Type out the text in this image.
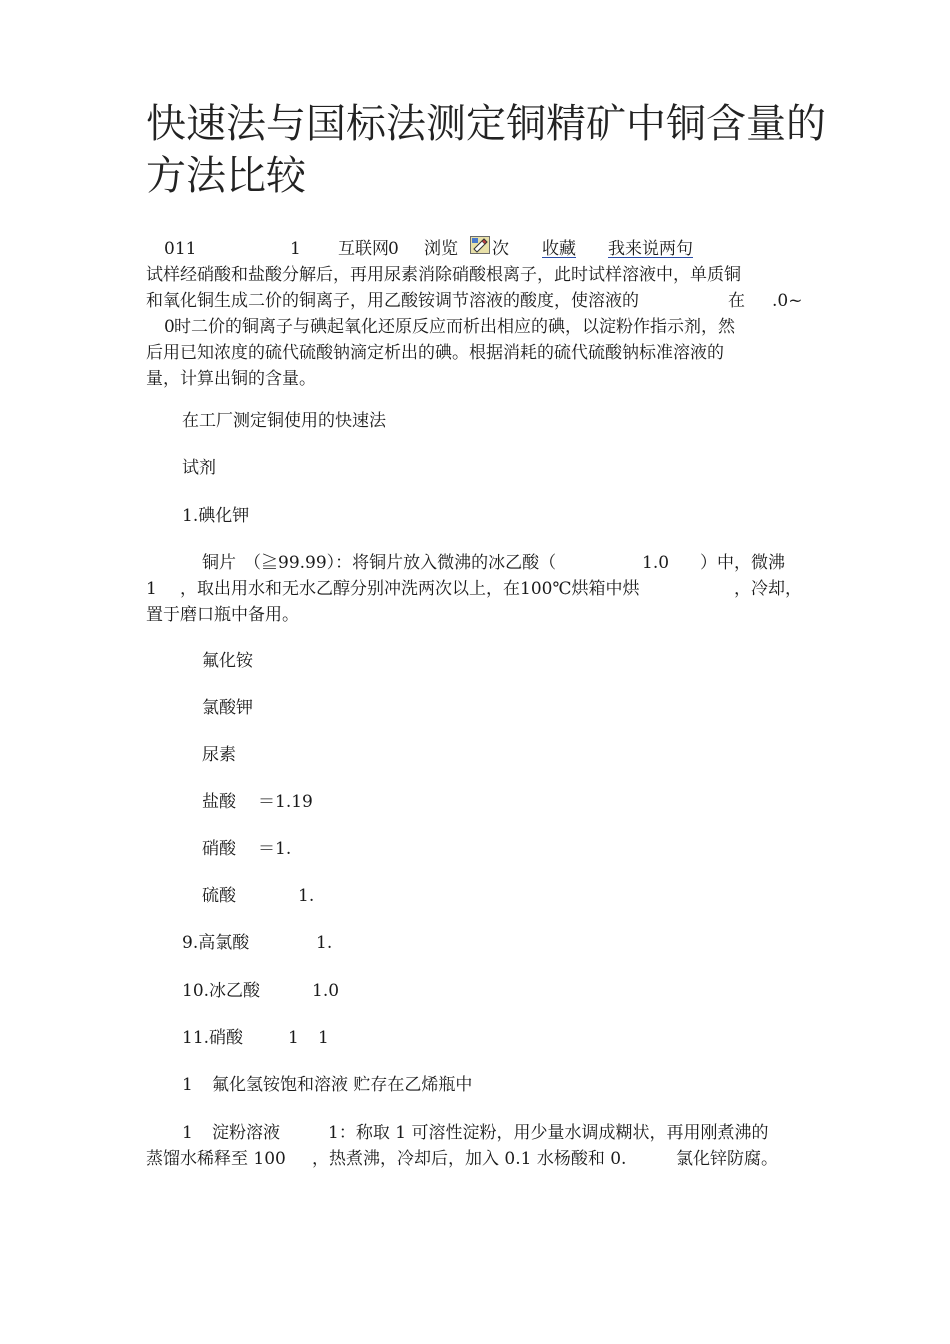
快速法与国标法测定铜精矿中铜含量的方法比较
011	1 互联网 0 浏览 次 收藏 我来说两句
试样经硝酸和盐酸分解后，再用尿素消除硝酸根离子，此时试样溶液中，单质铜
和氧化铜生成二价的铜离子，用乙酸铵调节溶液的酸度，使溶液的	在 .0~
0 时二价的铜离子与碘起氧化还原反应而析出相应的碘，以淀粉作指示剂，然
后用已知浓度的硫代硫酸钠滴定析出的碘。根据消耗的硫代硫酸钠标准溶液的
量，计算出铜的含量。
在工厂测定铜使用的快速法
试剂
1.碘化钾
铜片 （≧99.99）：将铜片放入微沸的冰乙酸（	1.0 ）中，微沸
1 ，取出用水和无水乙醇分别冲洗两次以上，在100℃烘箱中烘	，冷却，
置于磨口瓶中备用。
氟化铵
氯酸钾
尿素
盐酸 ＝1.19
硝酸 ＝1.
硫酸	1.
9.高氯酸	1.
10.冰乙酸	1.0
11.硝酸	1 1
1 氟化氢铵饱和溶液 贮存在乙烯瓶中
1 淀粉溶液	1：称取 1 可溶性淀粉，用少量水调成糊状，再用刚煮沸的
蒸馏水稀释至 100 ，热煮沸，冷却后，加入 0.1 水杨酸和 0.	氯化锌防腐。
